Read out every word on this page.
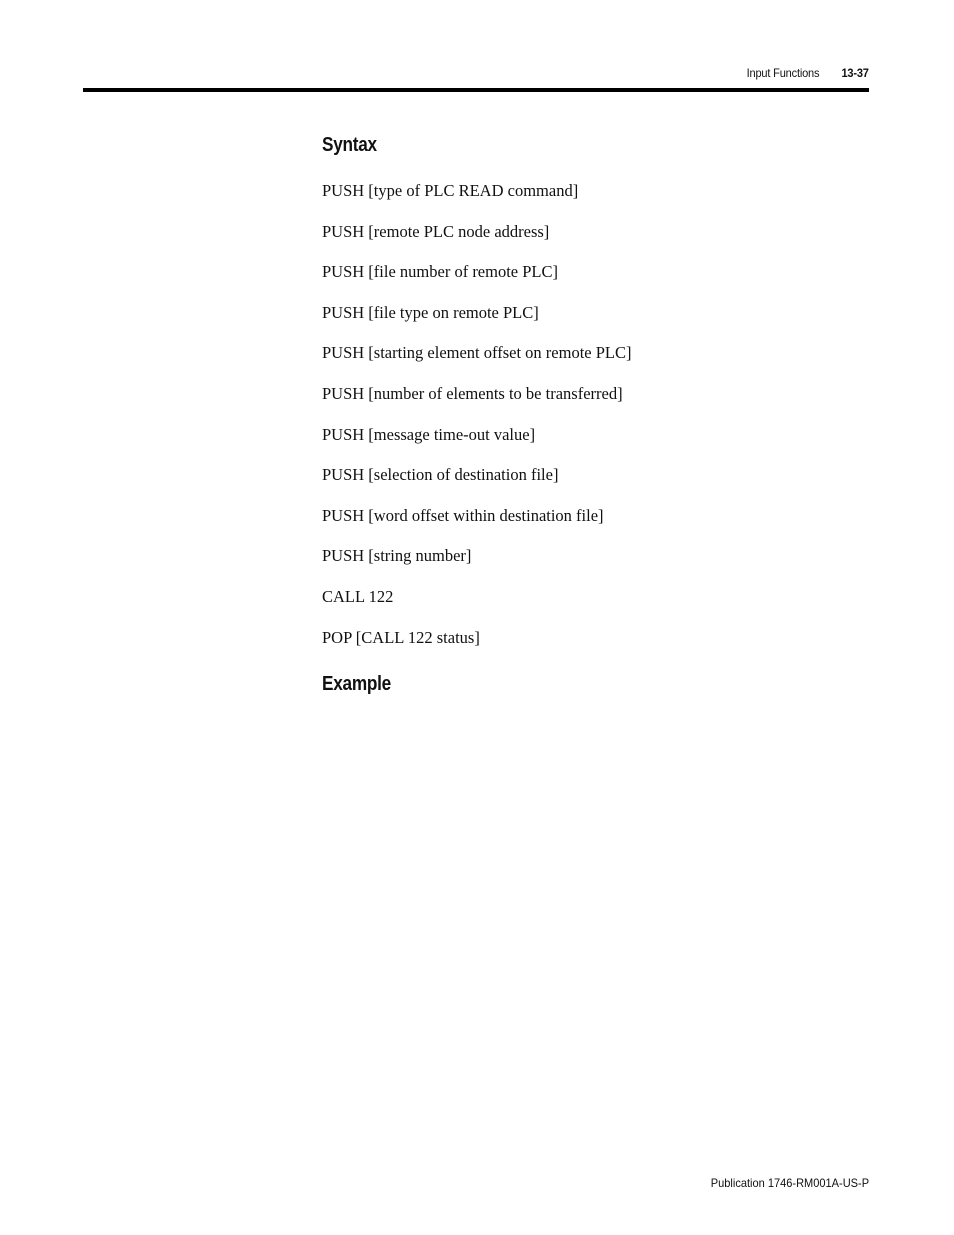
Input Functions 13-37
Syntax
PUSH [type of PLC READ command]
PUSH [remote PLC node address]
PUSH [file number of remote PLC]
PUSH [file type on remote PLC]
PUSH [starting element offset on remote PLC]
PUSH [number of elements to be transferred]
PUSH [message time-out value]
PUSH [selection of destination file]
PUSH [word offset within destination file]
PUSH [string number]
CALL 122
POP [CALL 122 status]
Example
Publication 1746-RM001A-US-P
